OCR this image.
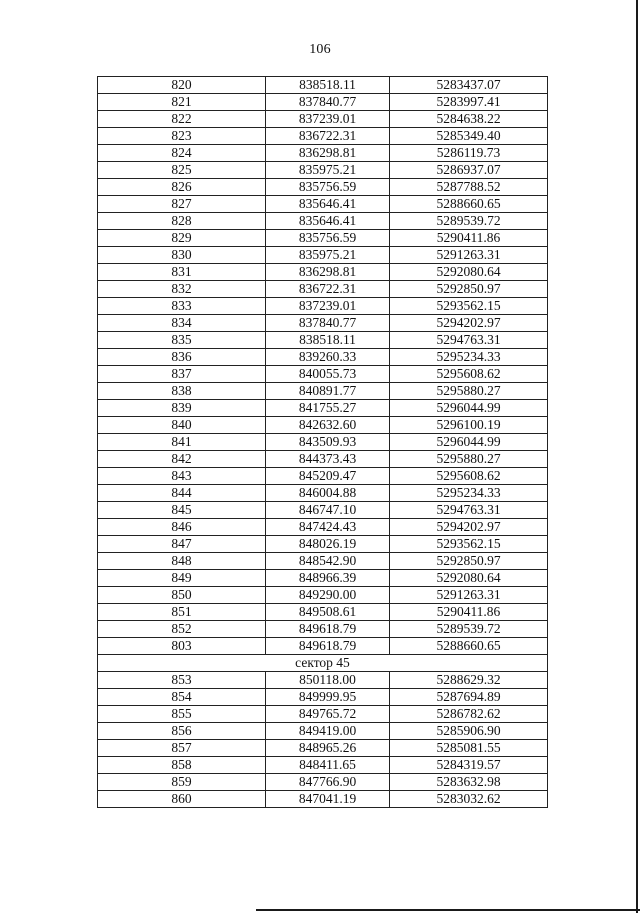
106
820	838518.11	5283437.07
821	837840.77	5283997.41
822	837239.01	5284638.22
823	836722.31	5285349.40
824	836298.81	5286119.73
825	835975.21	5286937.07
826	835756.59	5287788.52
827	835646.41	5288660.65
828	835646.41	5289539.72
829	835756.59	5290411.86
830	835975.21	5291263.31
831	836298.81	5292080.64
832	836722.31	5292850.97
833	837239.01	5293562.15
834	837840.77	5294202.97
835	838518.11	5294763.31
836	839260.33	5295234.33
837	840055.73	5295608.62
838	840891.77	5295880.27
839	841755.27	5296044.99
840	842632.60	5296100.19
841	843509.93	5296044.99
842	844373.43	5295880.27
843	845209.47	5295608.62
844	846004.88	5295234.33
845	846747.10	5294763.31
846	847424.43	5294202.97
847	848026.19	5293562.15
848	848542.90	5292850.97
849	848966.39	5292080.64
850	849290.00	5291263.31
851	849508.61	5290411.86
852	849618.79	5289539.72
803	849618.79	5288660.65
сектор 45		
853	850118.00	5288629.32
854	849999.95	5287694.89
855	849765.72	5286782.62
856	849419.00	5285906.90
857	848965.26	5285081.55
858	848411.65	5284319.57
859	847766.90	5283632.98
860	847041.19	5283032.62
